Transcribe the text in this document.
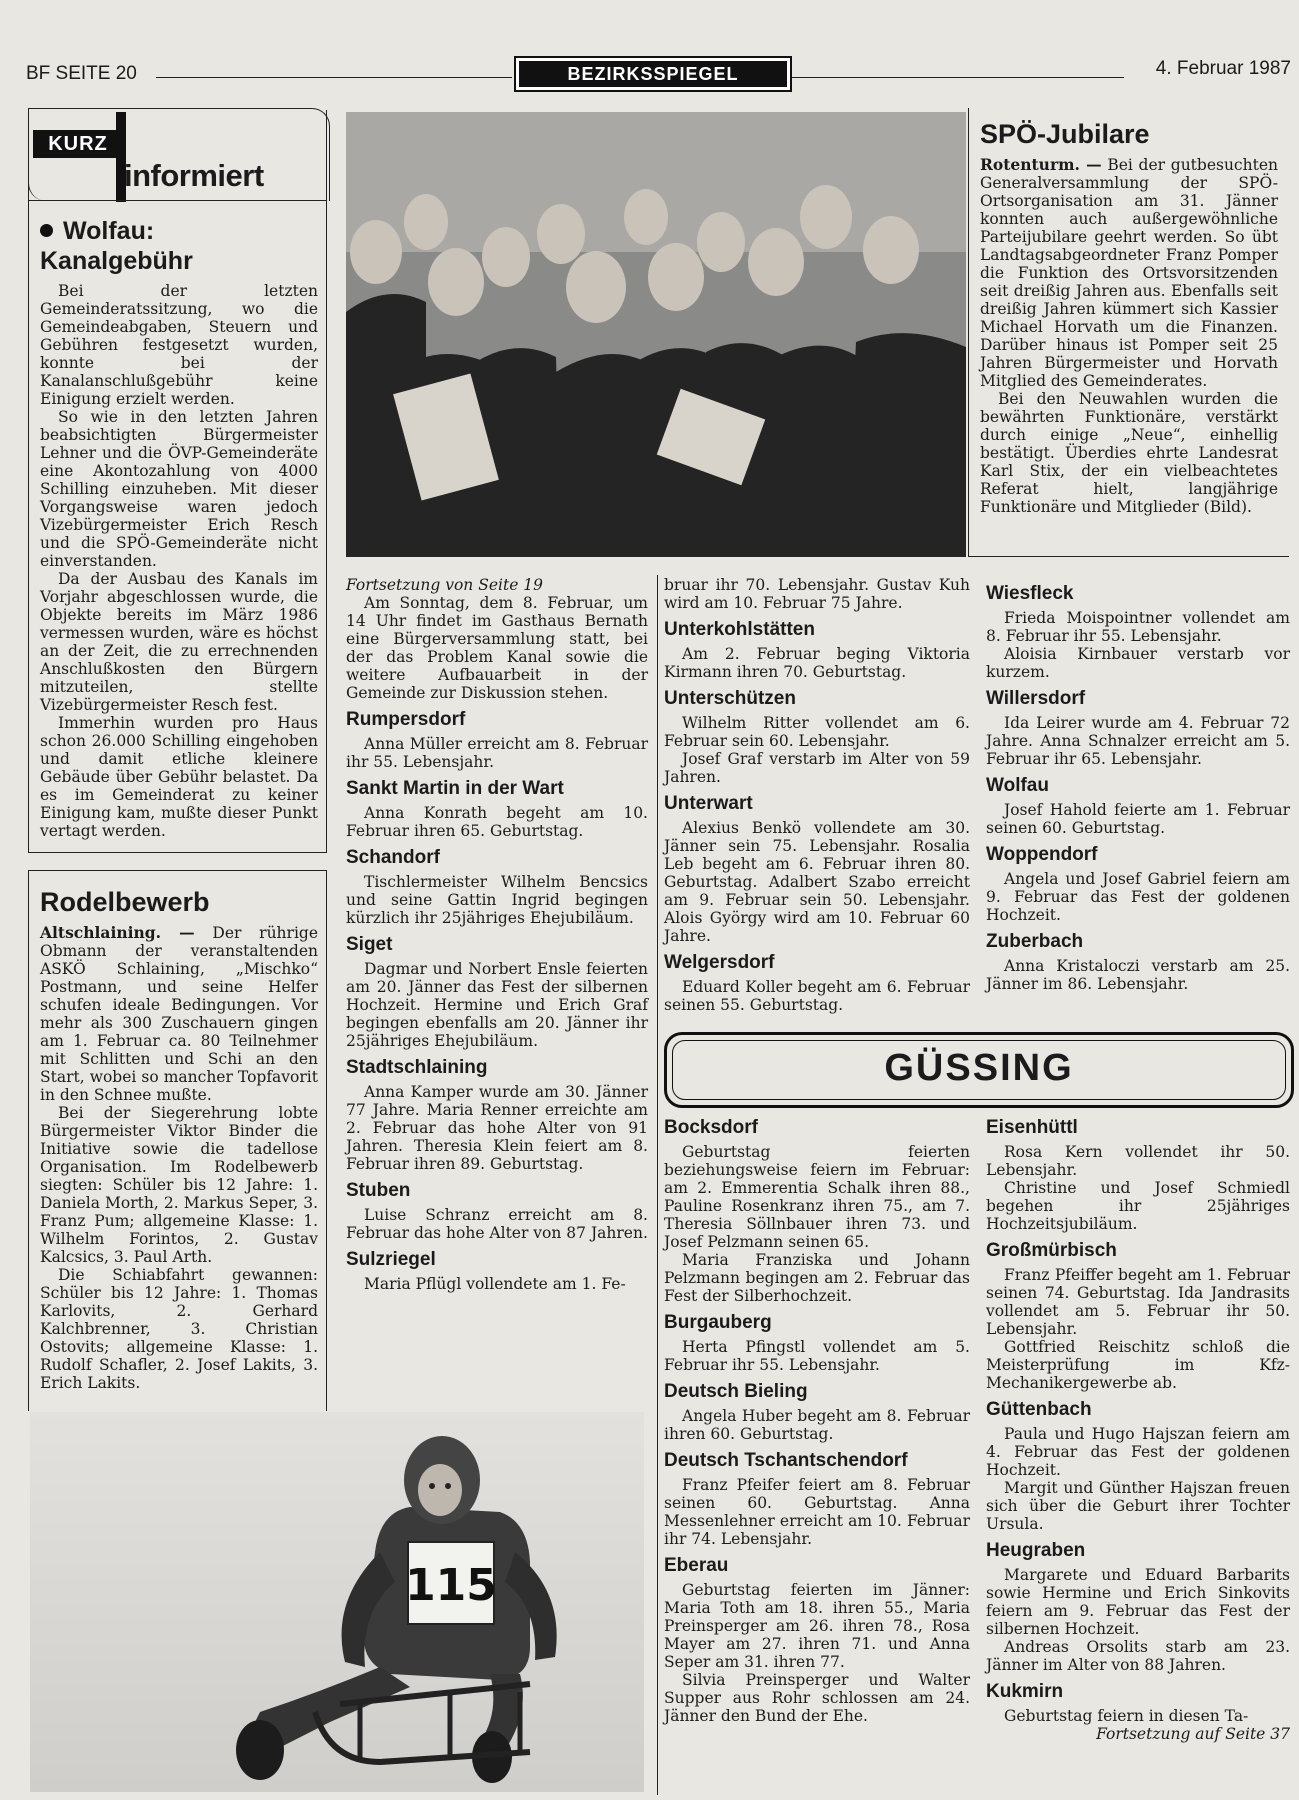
BF SEITE 20	BEZIRKSSPIEGEL	4. Februar 1987
KURZ
informiert
Wolfau:
Kanalgebühr

Bei der letzten Gemeinderatssitzung, wo die Gemeindeabgaben, Steuern und Gebühren festgesetzt wurden, konnte bei der Kanalanschlußgebühr keine Einigung erzielt werden.

So wie in den letzten Jahren beabsichtigten Bürgermeister Lehner und die ÖVP-Gemeinderäte eine Akontozahlung von 4000 Schilling einzuheben. Mit dieser Vorgangsweise waren jedoch Vizebürgermeister Erich Resch und die SPÖ-Gemeinderäte nicht einverstanden.

Da der Ausbau des Kanals im Vorjahr abgeschlossen wurde, die Objekte bereits im März 1986 vermessen wurden, wäre es höchst an der Zeit, die zu errechnenden Anschlußkosten den Bürgern mitzuteilen, stellte Vizebürgermeister Resch fest.

Immerhin wurden pro Haus schon 26.000 Schilling eingehoben und damit etliche kleinere Gebäude über Gebühr belastet. Da es im Gemeinderat zu keiner Einigung kam, mußte dieser Punkt vertagt werden.

Rodelbewerb

Altschlaining. — Der rührige Obmann der veranstaltenden ASKÖ Schlaining, „Mischko“ Postmann, und seine Helfer schufen ideale Bedingungen. Vor mehr als 300 Zuschauern gingen am 1. Februar ca. 80 Teilnehmer mit Schlitten und Schi an den Start, wobei so mancher Topfavorit in den Schnee mußte.

Bei der Siegerehrung lobte Bürgermeister Viktor Binder die Initiative sowie die tadellose Organisation. Im Rodelbewerb siegten: Schüler bis 12 Jahre: 1. Daniela Morth, 2. Markus Seper, 3. Franz Pum; allgemeine Klasse: 1. Wilhelm Forintos, 2. Gustav Kalcsics, 3. Paul Arth.

Die Schiabfahrt gewannen: Schüler bis 12 Jahre: 1. Thomas Karlovits, 2. Gerhard Kalchbrenner, 3. Christian Ostovits; allgemeine Klasse: 1. Rudolf Schafler, 2. Josef Lakits, 3. Erich Lakits.

115
SPÖ-Jubilare

Rotenturm. — Bei der gutbesuchten Generalversammlung der SPÖ-Ortsorganisation am 31. Jänner konnten auch außergewöhnliche Parteijubilare geehrt werden. So übt Landtagsabgeordneter Franz Pomper die Funktion des Ortsvorsitzenden seit dreißig Jahren aus. Ebenfalls seit dreißig Jahren kümmert sich Kassier Michael Horvath um die Finanzen. Darüber hinaus ist Pomper seit 25 Jahren Bürgermeister und Horvath Mitglied des Gemeinderates.

Bei den Neuwahlen wurden die bewährten Funktionäre, verstärkt durch einige „Neue“, einhellig bestätigt. Überdies ehrte Landesrat Karl Stix, der ein vielbeachtetes Referat hielt, langjährige Funktionäre und Mitglieder (Bild).

Fortsetzung von Seite 19

Am Sonntag, dem 8. Februar, um 14 Uhr findet im Gasthaus Bernath eine Bürgerversammlung statt, bei der das Problem Kanal sowie die weitere Aufbauarbeit in der Gemeinde zur Diskussion stehen.

Rumpersdorf

Anna Müller erreicht am 8. Februar ihr 55. Lebensjahr.

Sankt Martin in der Wart

Anna Konrath begeht am 10. Februar ihren 65. Geburtstag.

Schandorf

Tischlermeister Wilhelm Bencsics und seine Gattin Ingrid begingen kürzlich ihr 25jähriges Ehejubiläum.

Siget

Dagmar und Norbert Ensle feierten am 20. Jänner das Fest der silbernen Hochzeit. Hermine und Erich Graf begingen ebenfalls am 20. Jänner ihr 25jähriges Ehejubiläum.

Stadtschlaining

Anna Kamper wurde am 30. Jänner 77 Jahre. Maria Renner erreichte am 2. Februar das hohe Alter von 91 Jahren. Theresia Klein feiert am 8. Februar ihren 89. Geburtstag.

Stuben

Luise Schranz erreicht am 8. Februar das hohe Alter von 87 Jahren.

Sulzriegel

Maria Pflügl vollendete am 1. Fe-

bruar ihr 70. Lebensjahr. Gustav Kuh wird am 10. Februar 75 Jahre.

Unterkohlstätten

Am 2. Februar beging Viktoria Kirmann ihren 70. Geburtstag.

Unterschützen

Wilhelm Ritter vollendet am 6. Februar sein 60. Lebensjahr.

Josef Graf verstarb im Alter von 59 Jahren.

Unterwart

Alexius Benkö vollendete am 30. Jänner sein 75. Lebensjahr. Rosalia Leb begeht am 6. Februar ihren 80. Geburtstag. Adalbert Szabo erreicht am 9. Februar sein 50. Lebensjahr. Alois György wird am 10. Februar 60 Jahre.

Welgersdorf

Eduard Koller begeht am 6. Februar seinen 55. Geburtstag.

Wiesfleck

Frieda Moispointner vollendet am 8. Februar ihr 55. Lebensjahr.

Aloisia Kirnbauer verstarb vor kurzem.

Willersdorf

Ida Leirer wurde am 4. Februar 72 Jahre. Anna Schnalzer erreicht am 5. Februar ihr 65. Lebensjahr.

Wolfau

Josef Hahold feierte am 1. Februar seinen 60. Geburtstag.

Woppendorf

Angela und Josef Gabriel feiern am 9. Februar das Fest der goldenen Hochzeit.

Zuberbach

Anna Kristaloczi verstarb am 25. Jänner im 86. Lebensjahr.

GÜSSING
Bocksdorf

Geburtstag feierten beziehungsweise feiern im Februar: am 2. Emmerentia Schalk ihren 88., Pauline Rosenkranz ihren 75., am 7. Theresia Söllnbauer ihren 73. und Josef Pelzmann seinen 65.

Maria Franziska und Johann Pelzmann begingen am 2. Februar das Fest der Silberhochzeit.

Burgauberg

Herta Pfingstl vollendet am 5. Februar ihr 55. Lebensjahr.

Deutsch Bieling

Angela Huber begeht am 8. Februar ihren 60. Geburtstag.

Deutsch Tschantschendorf

Franz Pfeifer feiert am 8. Februar seinen 60. Geburtstag. Anna Messenlehner erreicht am 10. Februar ihr 74. Lebensjahr.

Eberau

Geburtstag feierten im Jänner: Maria Toth am 18. ihren 55., Maria Preinsperger am 26. ihren 78., Rosa Mayer am 27. ihren 71. und Anna Seper am 31. ihren 77.

Silvia Preinsperger und Walter Supper aus Rohr schlossen am 24. Jänner den Bund der Ehe.

Eisenhüttl

Rosa Kern vollendet ihr 50. Lebensjahr.

Christine und Josef Schmiedl begehen ihr 25jähriges Hochzeitsjubiläum.

Großmürbisch

Franz Pfeiffer begeht am 1. Februar seinen 74. Geburtstag. Ida Jandrasits vollendet am 5. Februar ihr 50. Lebensjahr.

Gottfried Reischitz schloß die Meisterprüfung im Kfz-Mechanikergewerbe ab.

Güttenbach

Paula und Hugo Hajszan feiern am 4. Februar das Fest der goldenen Hochzeit.

Margit und Günther Hajszan freuen sich über die Geburt ihrer Tochter Ursula.

Heugraben

Margarete und Eduard Barbarits sowie Hermine und Erich Sinkovits feiern am 9. Februar das Fest der silbernen Hochzeit.

Andreas Orsolits starb am 23. Jänner im Alter von 88 Jahren.

Kukmirn

Geburtstag feiern in diesen Ta-

Fortsetzung auf Seite 37
